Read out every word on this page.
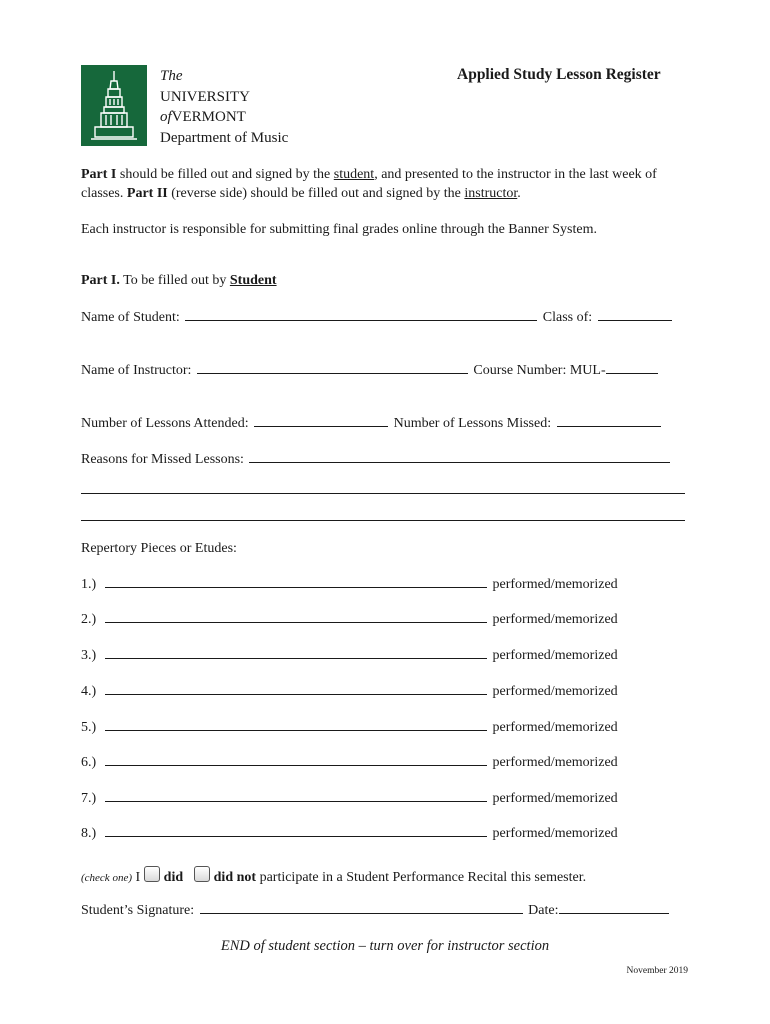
The
UNIVERSITY
ofVERMONT
Department of Music
Applied Study Lesson Register
Part I should be filled out and signed by the student, and presented to the instructor in the last week of classes. Part II (reverse side) should be filled out and signed by the instructor.
Each instructor is responsible for submitting final grades online through the Banner System.
Part I. To be filled out by Student
Name of Student:	Class of:
Name of Instructor:	Course Number: MUL-
Number of Lessons Attended:	Number of Lessons Missed:
Reasons for Missed Lessons:
Repertory Pieces or Etudes:
1.)	performed/memorized
2.)	performed/memorized
3.)	performed/memorized
4.)	performed/memorized
5.)	performed/memorized
6.)	performed/memorized
7.)	performed/memorized
8.)	performed/memorized
(check one) I did did not participate in a Student Performance Recital this semester.
Student’s Signature:	Date:
END of student section – turn over for instructor section
November 2019
